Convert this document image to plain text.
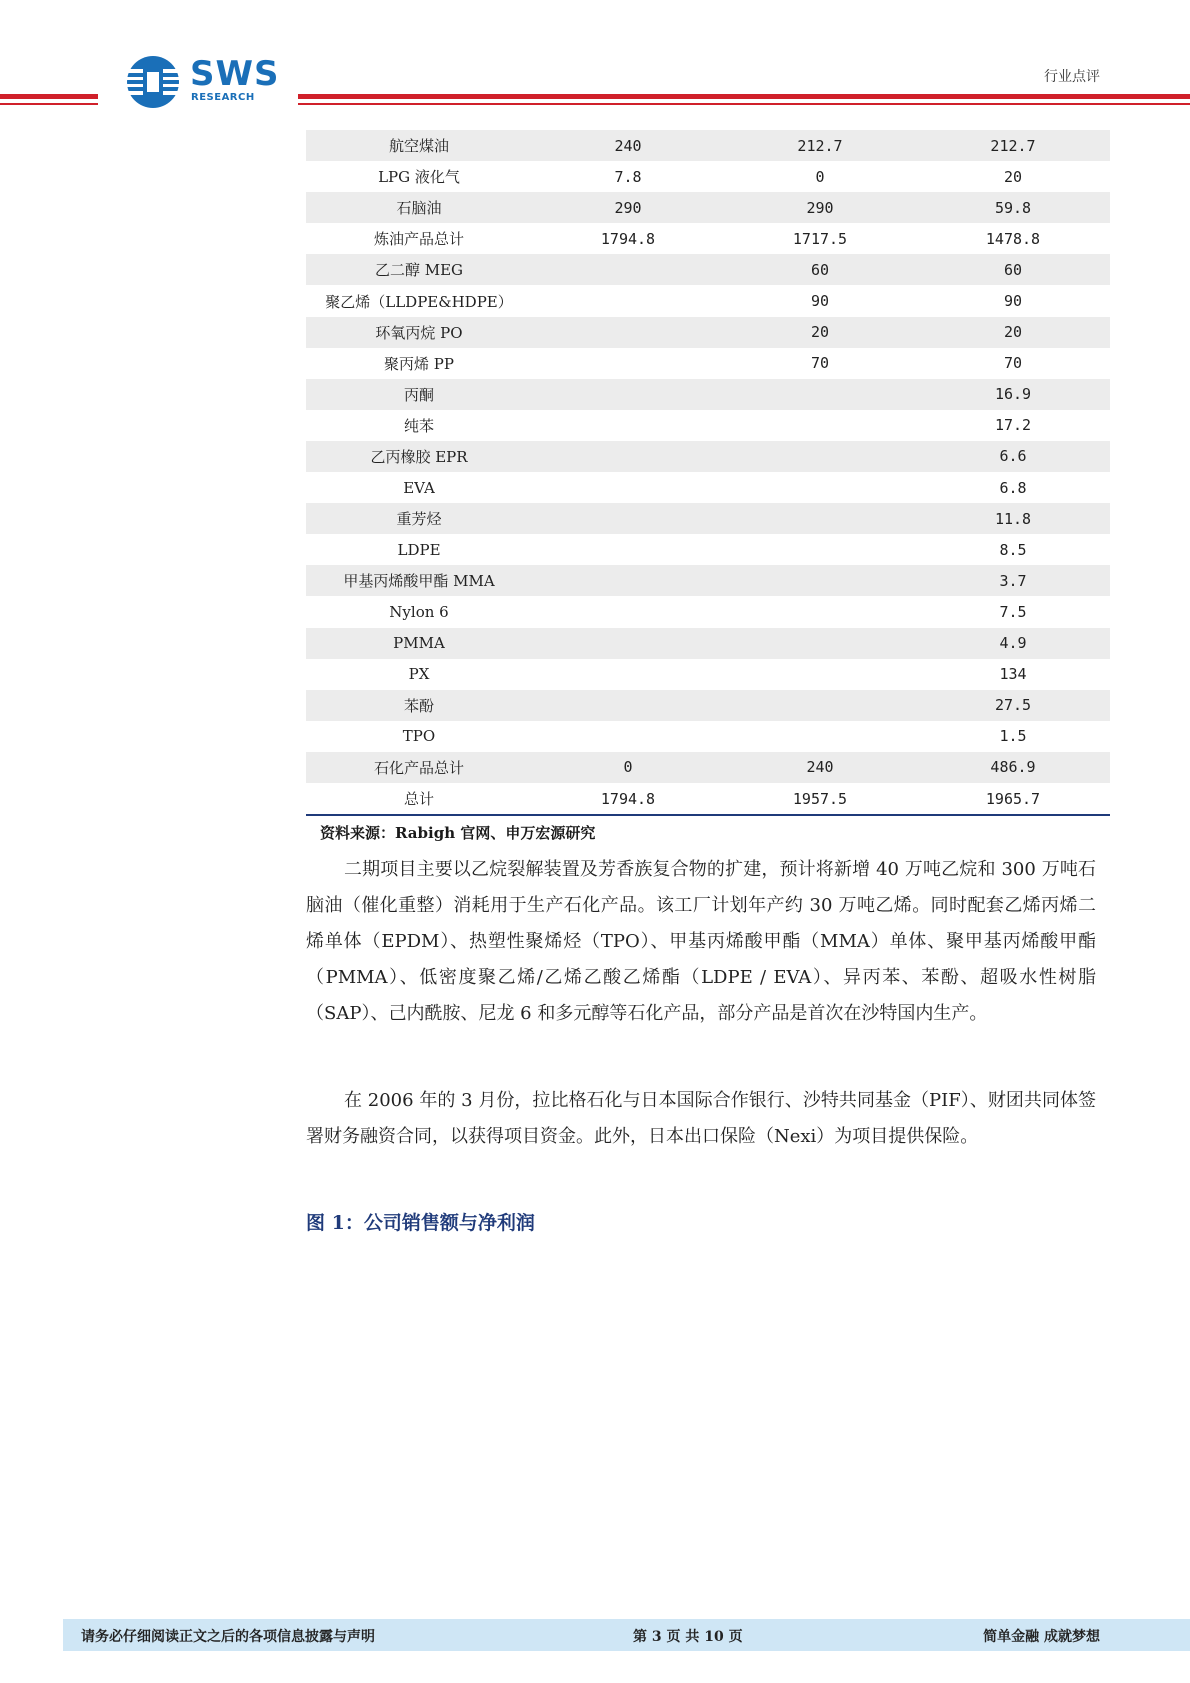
SWS
RESEARCH
行业点评
航空煤油	240	212.7	212.7
LPG 液化气	7.8	0	20
石脑油	290	290	59.8
炼油产品总计	1794.8	1717.5	1478.8
乙二醇 MEG		60	60
聚乙烯（LLDPE&HDPE）		90	90
环氧丙烷 PO		20	20
聚丙烯 PP		70	70
丙酮			16.9
纯苯			17.2
乙丙橡胶 EPR			6.6
EVA			6.8
重芳烃			11.8
LDPE			8.5
甲基丙烯酸甲酯 MMA			3.7
Nylon 6			7.5
PMMA			4.9
PX			134
苯酚			27.5
TPO			1.5
石化产品总计	0	240	486.9
总计	1794.8	1957.5	1965.7
资料来源：Rabigh 官网、申万宏源研究
二期项目主要以乙烷裂解装置及芳香族复合物的扩建，预计将新增 40 万吨乙烷和 300 万吨石脑油（催化重整）消耗用于生产石化产品。该工厂计划年产约 30 万吨乙烯。同时配套乙烯丙烯二烯单体（EPDM）、热塑性聚烯烃（TPO）、甲基丙烯酸甲酯（MMA）单体、聚甲基丙烯酸甲酯（PMMA）、低密度聚乙烯/乙烯乙酸乙烯酯（LDPE / EVA）、异丙苯、苯酚、超吸水性树脂（SAP）、己内酰胺、尼龙 6 和多元醇等石化产品，部分产品是首次在沙特国内生产。
在 2006 年的 3 月份，拉比格石化与日本国际合作银行、沙特共同基金（PIF）、财团共同体签署财务融资合同，以获得项目资金。此外，日本出口保险（Nexi）为项目提供保险。
图 1：公司销售额与净利润
请务必仔细阅读正文之后的各项信息披露与声明	第 3 页 共 10 页	简单金融 成就梦想
